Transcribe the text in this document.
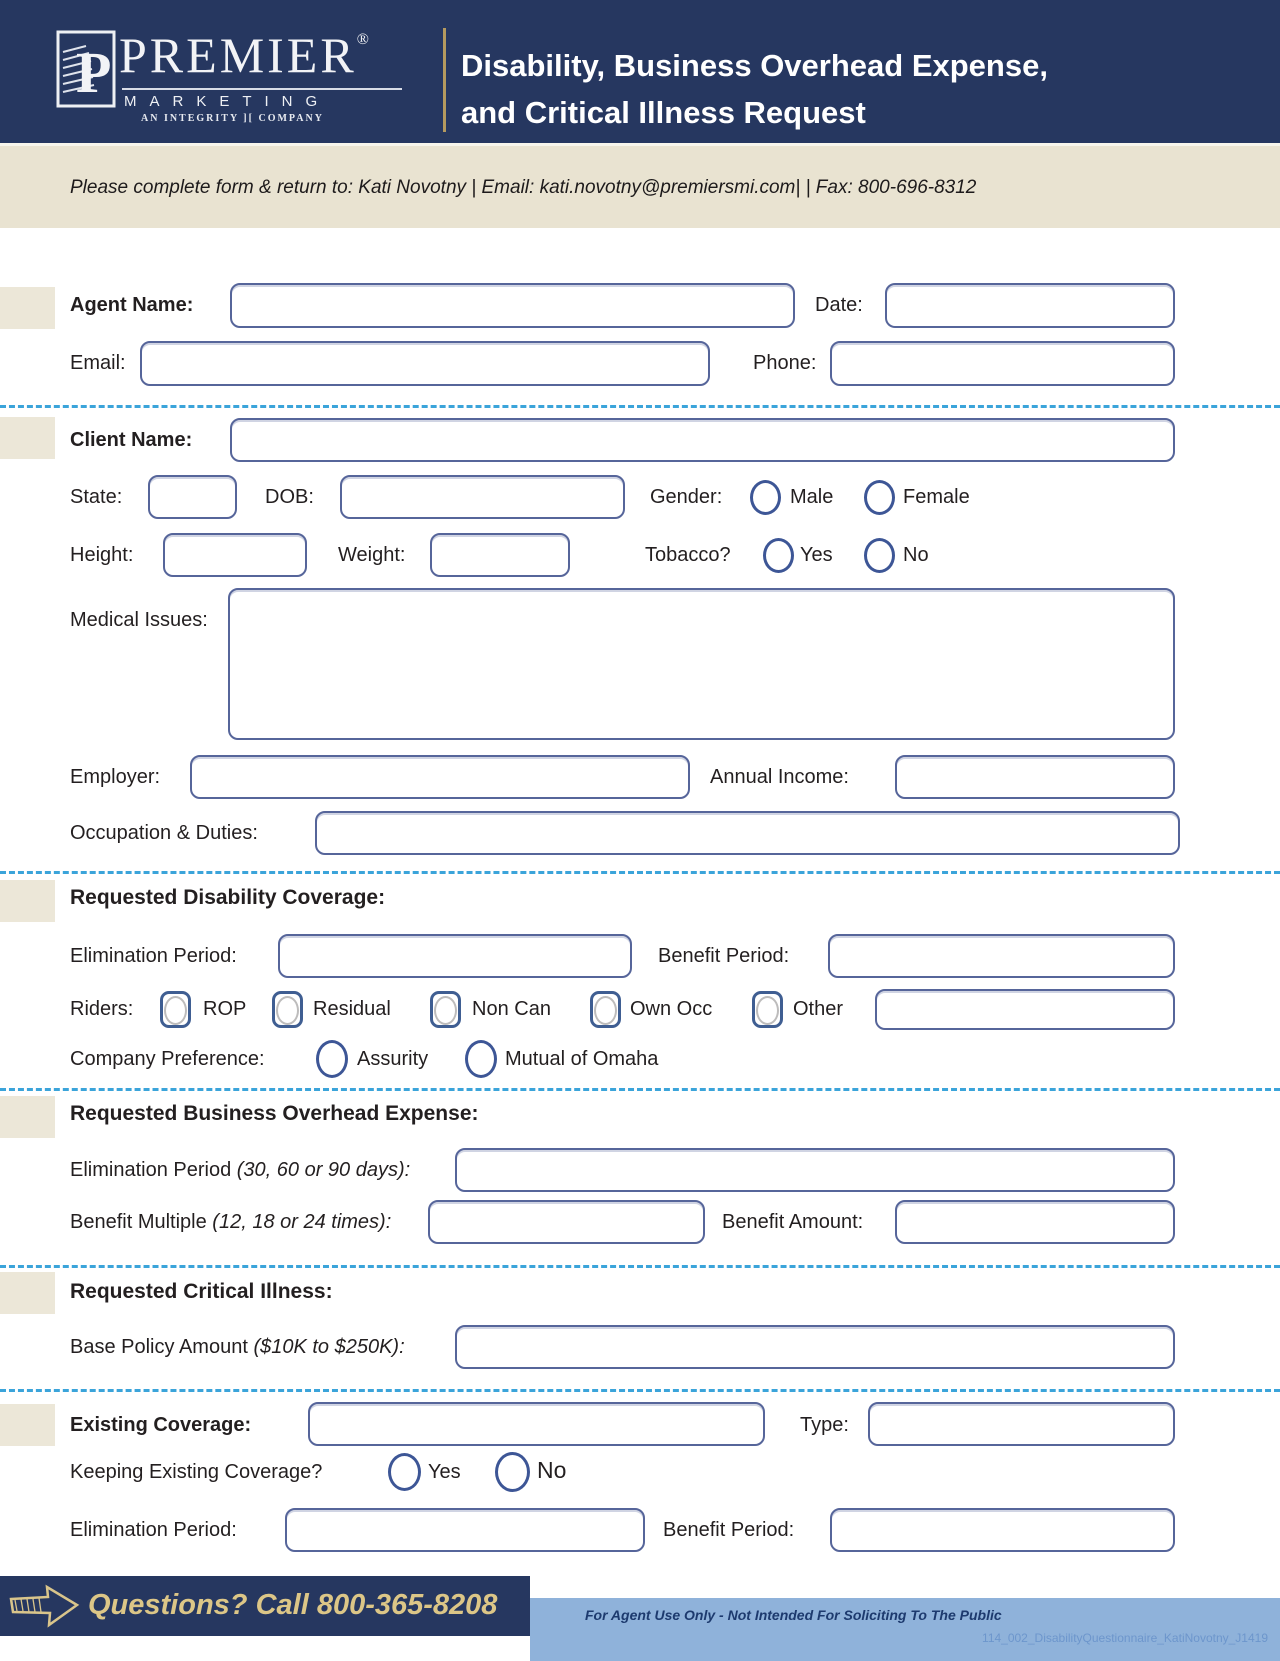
P PREMIER®
MARKETING
AN INTEGRITY ][ COMPANY
Disability, Business Overhead Expense,
and Critical Illness Request
Please complete form & return to: Kati Novotny | Email: kati.novotny@premiersmi.com| | Fax: 800-696-8312
Agent Name:	Date:
Email:	Phone:
Client Name:
State:	DOB:	Gender:	Male	Female
Height:	Weight:	Tobacco?	Yes	No
Medical Issues:
Employer:	Annual Income:
Occupation & Duties:
Requested Disability Coverage:
Elimination Period:	Benefit Period:
Riders:	ROP	Residual	Non Can	Own Occ	Other
Company Preference:	Assurity	Mutual of Omaha
Requested Business Overhead Expense:
Elimination Period (30, 60 or 90 days):
Benefit Multiple (12, 18 or 24 times):	Benefit Amount:
Requested Critical Illness:
Base Policy Amount ($10K to $250K):
Existing Coverage:	Type:
Keeping Existing Coverage?	Yes	No
Elimination Period:	Benefit Period:
For Agent Use Only - Not Intended For Soliciting To The Public
114_002_DisabilityQuestionnaire_KatiNovotny_J1419
Questions? Call 800-365-8208
